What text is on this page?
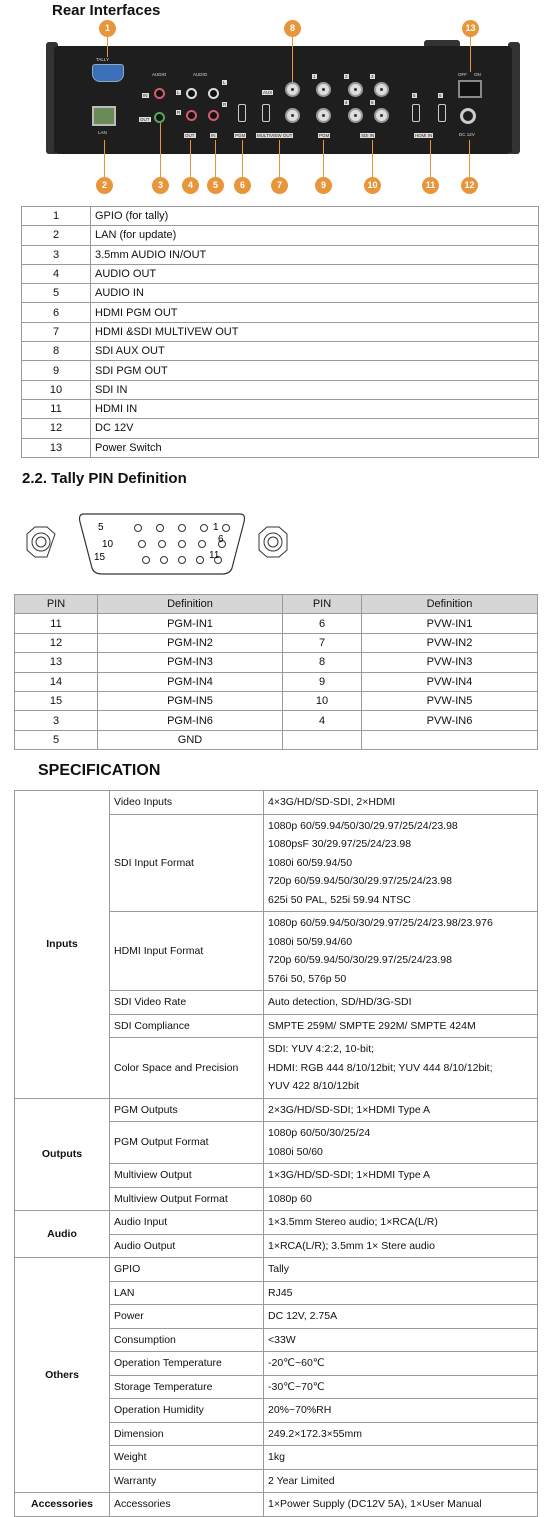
Rear Interfaces
TALLY
LAN
AUDIO
IN
OUT
AUDIO
L
L
R
R
OUT	IN	PGM
AUX
MULTIVIEW OUT
1
PGM
2	3
4	5
SDI IN
5	6
HDMI IN
OFF ON
DC 12V
1	8	13
2	3	4	5	6	7	9	10	11	12
1	GPIO (for tally)
2	LAN (for update)
3	3.5mm AUDIO IN/OUT
4	AUDIO OUT
5	AUDIO IN
6	HDMI PGM OUT
7	HDMI &SDI MULTIVEW OUT
8	SDI AUX OUT
9	SDI PGM OUT
10	SDI IN
11	HDMI IN
12	DC 12V
13	Power Switch
2.2. Tally PIN Definition
5	1
10	6
15	11
PIN	Definition	PIN	Definition
11	PGM-IN1	6	PVW-IN1
12	PGM-IN2	7	PVW-IN2
13	PGM-IN3	8	PVW-IN3
14	PGM-IN4	9	PVW-IN4
15	PGM-IN5	10	PVW-IN5
3	PGM-IN6	4	PVW-IN6
5	GND		
SPECIFICATION
Inputs	Video Inputs	4×3G/HD/SD-SDI, 2×HDMI
	SDI Input Format	1080p 60/59.94/50/30/29.97/25/24/23.98
1080psF 30/29.97/25/24/23.98
1080i 60/59.94/50
720p 60/59.94/50/30/29.97/25/24/23.98
625i 50 PAL, 525i 59.94 NTSC

	HDMI Input Format	1080p 60/59.94/50/30/29.97/25/24/23.98/23.976
1080i 50/59.94/60
720p 60/59.94/50/30/29.97/25/24/23.98
576i 50, 576p 50

	SDI Video Rate	Auto detection, SD/HD/3G-SDI
	SDI Compliance	SMPTE 259M/ SMPTE 292M/ SMPTE 424M
	Color Space and Precision	SDI: YUV 4:2:2, 10-bit;
HDMI: RGB 444 8/10/12bit; YUV 444 8/10/12bit;
YUV 422 8/10/12bit

Outputs	PGM Outputs	2×3G/HD/SD-SDI; 1×HDMI Type A
	PGM Output Format	1080p 60/50/30/25/24
1080i 50/60

	Multiview Output	1×3G/HD/SD-SDI; 1×HDMI Type A
	Multiview Output Format	1080p 60
Audio	Audio Input	1×3.5mm Stereo audio; 1×RCA(L/R)
	Audio Output	1×RCA(L/R); 3.5mm 1× Stere audio
Others	GPIO	Tally
	LAN	RJ45
	Power	DC 12V, 2.75A
	Consumption	<33W
	Operation Temperature	-20℃~60℃
	Storage Temperature	-30℃~70℃
	Operation Humidity	20%~70%RH
	Dimension	249.2×172.3×55mm
	Weight	1kg
	Warranty	2 Year Limited
Accessories	Accessories	1×Power Supply (DC12V 5A), 1×User Manual
